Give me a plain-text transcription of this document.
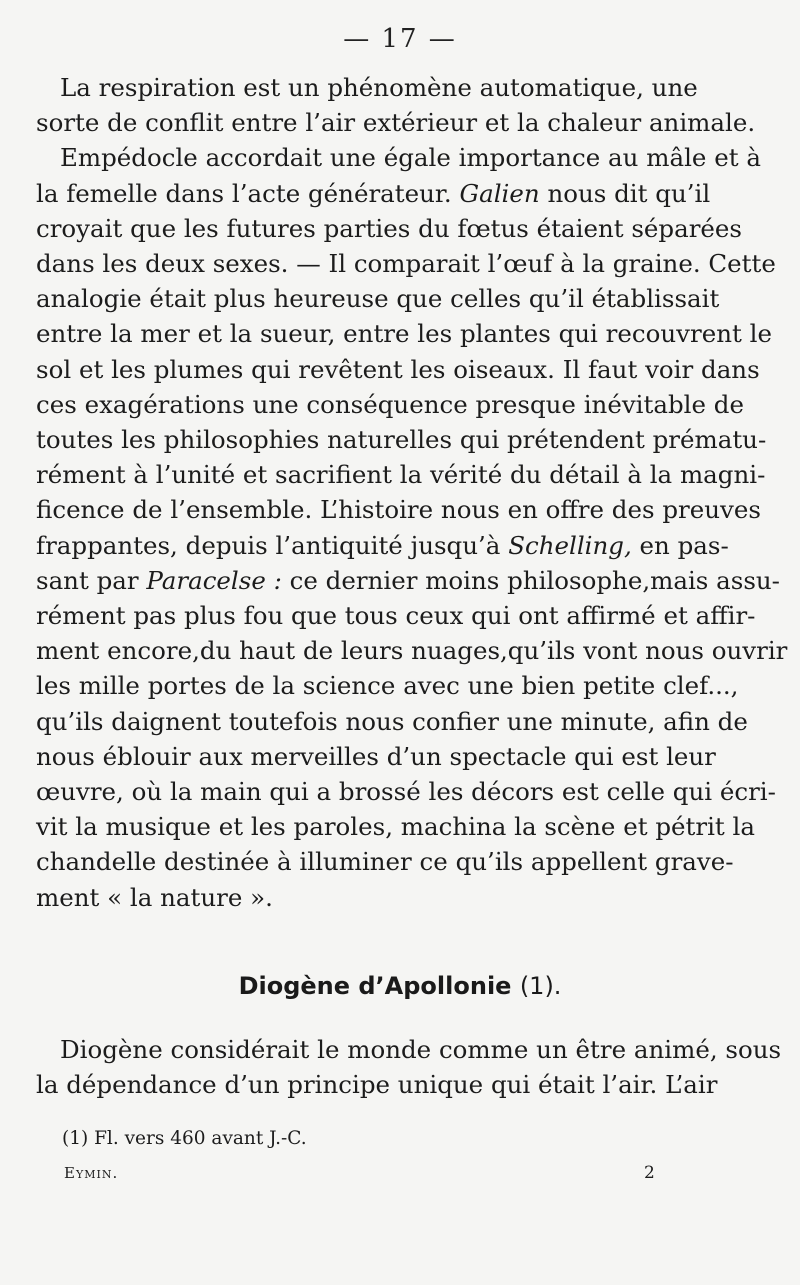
— 17 —
La respiration est un phénomène automatique, une
sorte de conflit entre l’air extérieur et la chaleur animale.
Empédocle accordait une égale importance au mâle et à
la femelle dans l’acte générateur. Galien nous dit qu’il
croyait que les futures parties du fœtus étaient séparées
dans les deux sexes. — Il comparait l’œuf à la graine. Cette
analogie était plus heureuse que celles qu’il établissait
entre la mer et la sueur, entre les plantes qui recouvrent le
sol et les plumes qui revêtent les oiseaux. Il faut voir dans
ces exagérations une conséquence presque inévitable de
toutes les philosophies naturelles qui prétendent prématu-
rément à l’unité et sacrifient la vérité du détail à la magni-
ficence de l’ensemble. L’histoire nous en offre des preuves
frappantes, depuis l’antiquité jusqu’à Schelling, en pas-
sant par Paracelse : ce dernier moins philosophe,mais assu-
rément pas plus fou que tous ceux qui ont affirmé et affir-
ment encore,du haut de leurs nuages,qu’ils vont nous ouvrir
les mille portes de la science avec une bien petite clef...,
qu’ils daignent toutefois nous confier une minute, afin de
nous éblouir aux merveilles d’un spectacle qui est leur
œuvre, où la main qui a brossé les décors est celle qui écri-
vit la musique et les paroles, machina la scène et pétrit la
chandelle destinée à illuminer ce qu’ils appellent grave-
ment « la nature ».
Diogène d’Apollonie (1).
Diogène considérait le monde comme un être animé, sous
la dépendance d’un principe unique qui était l’air. L’air
(1) Fl. vers 460 avant J.-C.
Eymin.	2
